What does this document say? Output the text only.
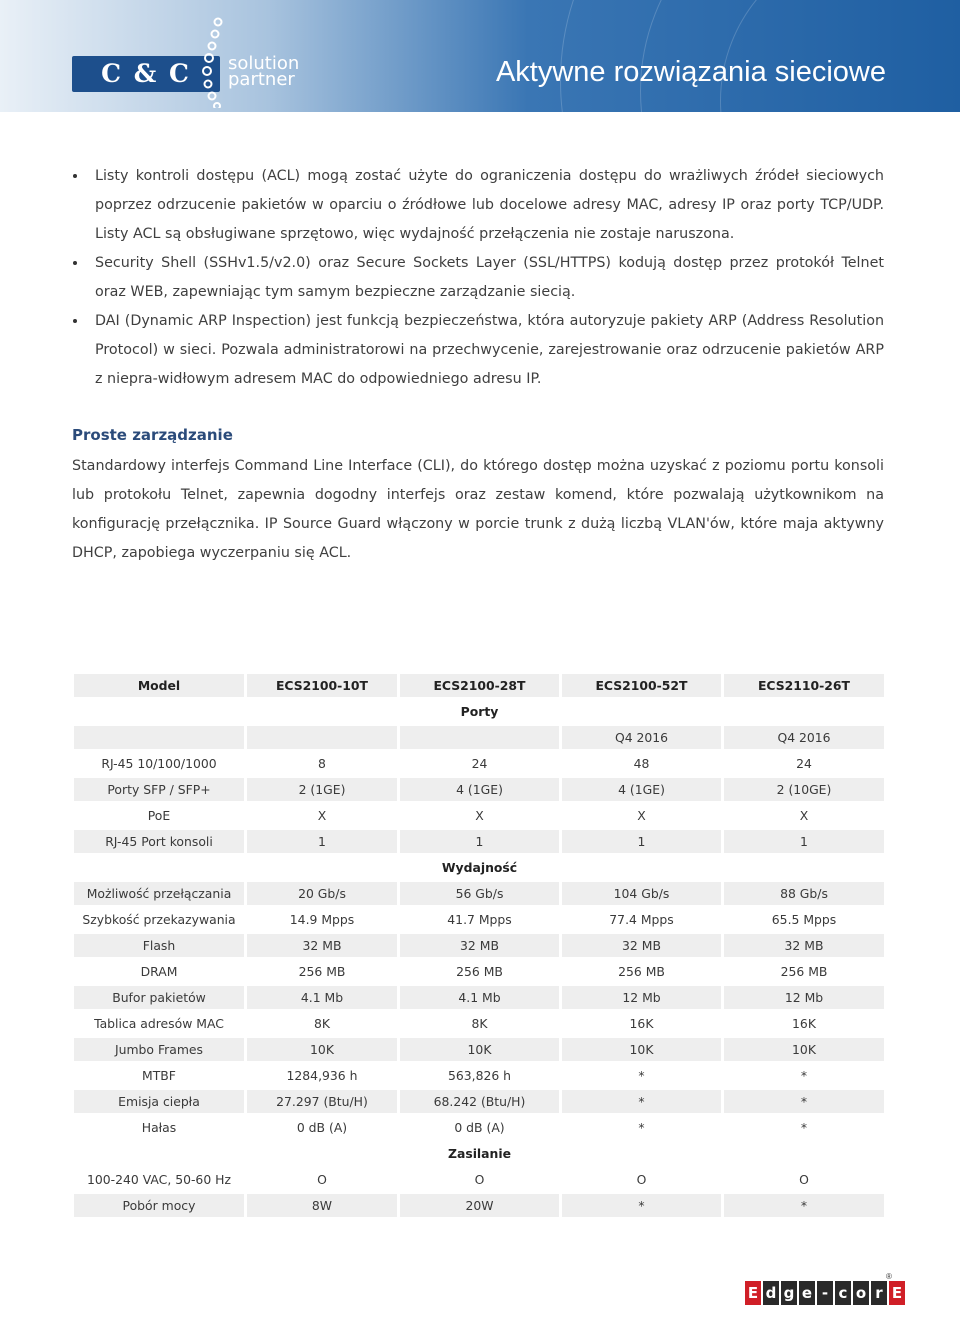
C & C	solution
partner	Aktywne rozwiązania sieciowe
Listy kontroli dostępu (ACL) mogą zostać użyte do ograniczenia dostępu do wrażliwych źródeł sieciowych poprzez odrzucenie pakietów w oparciu o źródłowe lub docelowe adresy MAC, adresy IP oraz porty TCP/UDP. Listy ACL są obsługiwane sprzętowo, więc wydajność przełączenia nie zostaje naruszona.
Security Shell (SSHv1.5/v2.0) oraz Secure Sockets Layer (SSL/HTTPS) kodują dostęp przez protokół Telnet oraz WEB, zapewniając tym samym bezpieczne zarządzanie siecią.
DAI (Dynamic ARP Inspection) jest funkcją bezpieczeństwa, która autoryzuje pakiety ARP (Address Resolution Protocol) w sieci. Pozwala administratorowi na przechwycenie, zarejestrowanie oraz odrzucenie pakietów ARP z niepra-widłowym adresem MAC do odpowiedniego adresu IP.
Proste zarządzanie

Standardowy interfejs Command Line Interface (CLI), do którego dostęp można uzyskać z poziomu portu konsoli lub protokołu Telnet, zapewnia dogodny interfejs oraz zestaw komend, które pozwalają użytkownikom na konfigurację przełącznika. IP Source Guard włączony w porcie trunk z dużą liczbą VLAN'ów, które maja aktywny DHCP, zapobiega wyczerpaniu się ACL.

Model	ECS2100-10T	ECS2100-28T	ECS2100-52T	ECS2110-26T
		Porty		
			Q4 2016	Q4 2016
RJ-45 10/100/1000	8	24	48	24
Porty SFP / SFP+	2 (1GE)	4 (1GE)	4 (1GE)	2 (10GE)
PoE	X	X	X	X
RJ-45 Port konsoli	1	1	1	1
		Wydajność		
Możliwość przełączania	20 Gb/s	56 Gb/s	104 Gb/s	88 Gb/s
Szybkość przekazywania	14.9 Mpps	41.7 Mpps	77.4 Mpps	65.5 Mpps
Flash	32 MB	32 MB	32 MB	32 MB
DRAM	256 MB	256 MB	256 MB	256 MB
Bufor pakietów	4.1 Mb	4.1 Mb	12 Mb	12 Mb
Tablica adresów MAC	8K	8K	16K	16K
Jumbo Frames	10K	10K	10K	10K
MTBF	1284,936 h	563,826 h	*	*
Emisja ciepła	27.297 (Btu/H)	68.242 (Btu/H)	*	*
Hałas	0 dB (A)	0 dB (A)	*	*
		Zasilanie		
100-240 VAC, 50-60 Hz	O	O	O	O
Pobór mocy	8W	20W	*	*
E d g e - c o r E
®
